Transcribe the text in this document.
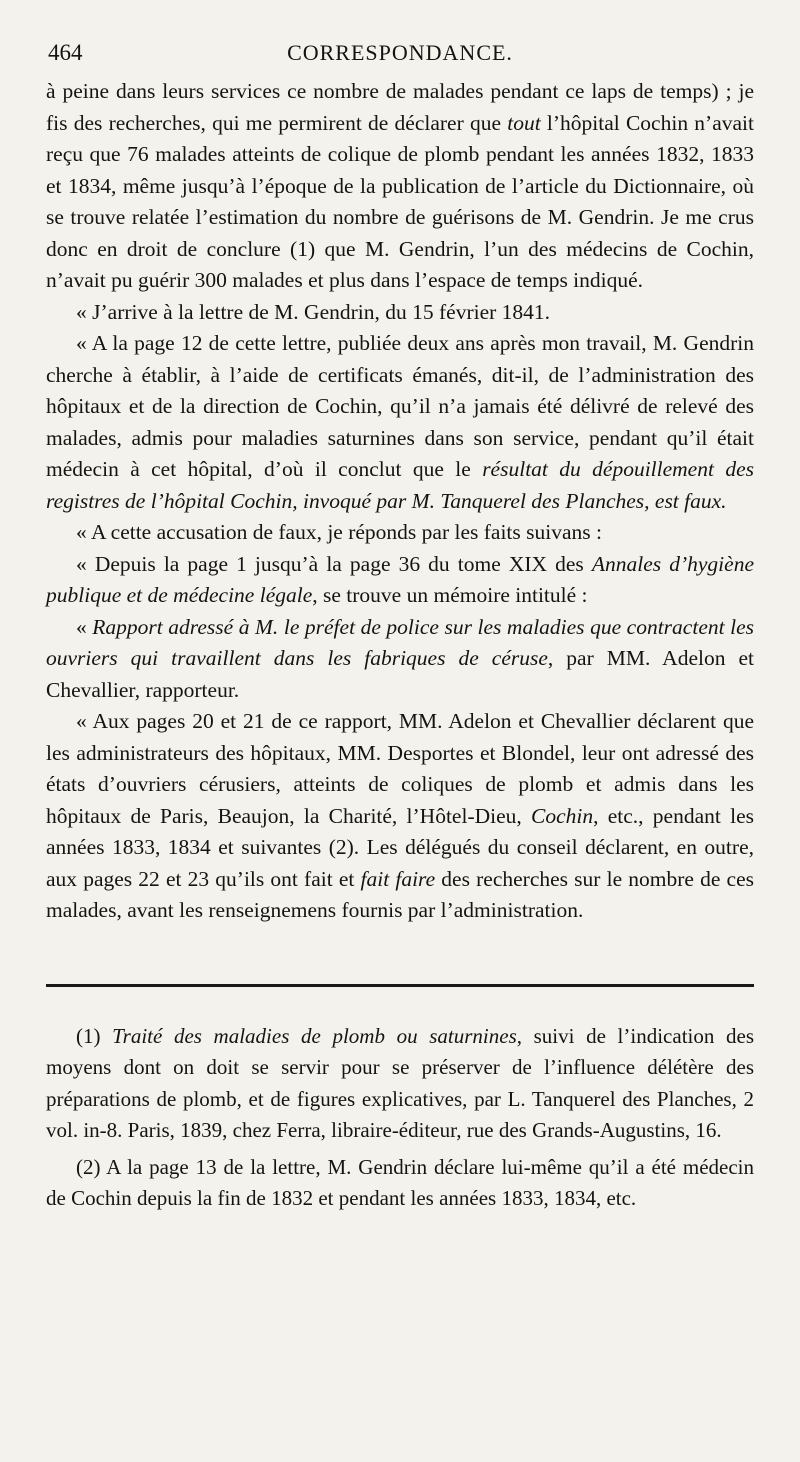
464	CORRESPONDANCE.

à peine dans leurs services ce nombre de malades pendant ce laps de temps) ; je fis des recherches, qui me permirent de déclarer que tout l’hôpital Cochin n’avait reçu que 76 malades atteints de colique de plomb pendant les années 1832, 1833 et 1834, même jusqu’à l’époque de la publication de l’article du Dictionnaire, où se trouve relatée l’estimation du nombre de guérisons de M. Gendrin. Je me crus donc en droit de conclure (1) que M. Gendrin, l’un des médecins de Cochin, n’avait pu guérir 300 malades et plus dans l’espace de temps indiqué.

« J’arrive à la lettre de M. Gendrin, du 15 février 1841.

« A la page 12 de cette lettre, publiée deux ans après mon travail, M. Gendrin cherche à établir, à l’aide de certificats émanés, dit-il, de l’administration des hôpitaux et de la direction de Cochin, qu’il n’a jamais été délivré de relevé des malades, admis pour maladies saturnines dans son service, pendant qu’il était médecin à cet hôpital, d’où il conclut que le résultat du dépouillement des registres de l’hôpital Cochin, invoqué par M. Tanquerel des Planches, est faux.

« A cette accusation de faux, je réponds par les faits suivans :

« Depuis la page 1 jusqu’à la page 36 du tome XIX des Annales d’hygiène publique et de médecine légale, se trouve un mémoire intitulé :

« Rapport adressé à M. le préfet de police sur les maladies que contractent les ouvriers qui travaillent dans les fabriques de céruse, par MM. Adelon et Chevallier, rapporteur.

« Aux pages 20 et 21 de ce rapport, MM. Adelon et Chevallier déclarent que les administrateurs des hôpitaux, MM. Desportes et Blondel, leur ont adressé des états d’ouvriers cérusiers, atteints de coliques de plomb et admis dans les hôpitaux de Paris, Beaujon, la Charité, l’Hôtel-Dieu, Cochin, etc., pendant les années 1833, 1834 et suivantes (2). Les délégués du conseil déclarent, en outre, aux pages 22 et 23 qu’ils ont fait et fait faire des recherches sur le nombre de ces malades, avant les renseignemens fournis par l’administration.

(1) Traité des maladies de plomb ou saturnines, suivi de l’indication des moyens dont on doit se servir pour se préserver de l’influence délétère des préparations de plomb, et de figures explicatives, par L. Tanquerel des Planches, 2 vol. in-8. Paris, 1839, chez Ferra, libraire-éditeur, rue des Grands-Augustins, 16.

(2) A la page 13 de la lettre, M. Gendrin déclare lui-même qu’il a été médecin de Cochin depuis la fin de 1832 et pendant les années 1833, 1834, etc.
